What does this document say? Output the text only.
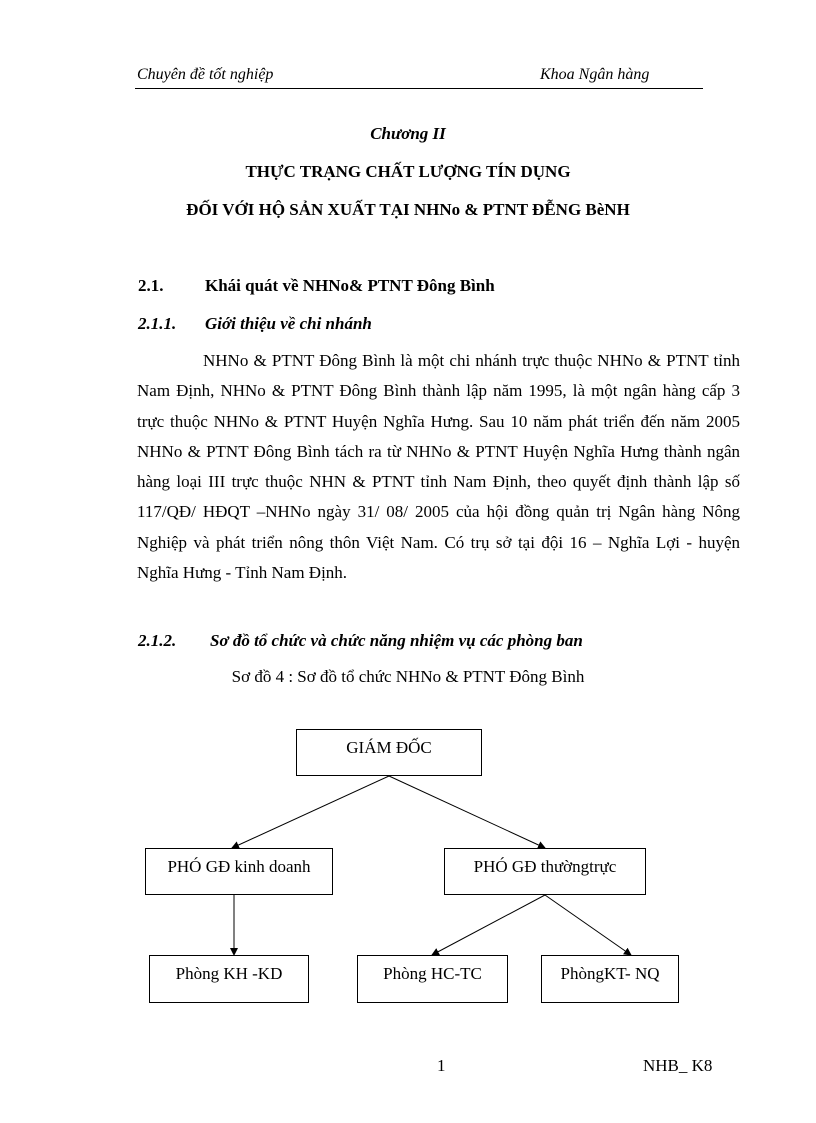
Chuyên đề tốt nghiệp	Khoa Ngân hàng
Chương II
THỰC TRẠNG CHẤT LƯỢNG TÍN DỤNG
ĐỐI VỚI HỘ SẢN XUẤT TẠI NHNo & PTNT ĐỄNG BèNH
2.1. Khái quát về NHNo& PTNT Đông Bình
2.1.1. Giới thiệu về chi nhánh
NHNo & PTNT Đông Bình là một chi nhánh trực thuộc NHNo & PTNT tỉnh Nam Định, NHNo & PTNT Đông Bình thành lập năm 1995, là một ngân hàng cấp 3 trực thuộc NHNo & PTNT Huyện Nghĩa Hưng. Sau 10 năm phát triển đến năm 2005 NHNo & PTNT Đông Bình tách ra từ NHNo & PTNT Huyện Nghĩa Hưng thành ngân hàng loại III trực thuộc NHN & PTNT tỉnh Nam Định, theo quyết định thành lập số 117/QĐ/ HĐQT –NHNo ngày 31/ 08/ 2005 của hội đồng quản trị Ngân hàng Nông Nghiệp và phát triển nông thôn Việt Nam. Có trụ sở tại đội 16 – Nghĩa Lợi - huyện Nghĩa Hưng - Tỉnh Nam Định.
2.1.2. Sơ đồ tổ chức và chức năng nhiệm vụ các phòng ban
Sơ đồ 4 : Sơ đồ tổ chức NHNo & PTNT Đông Bình
GIÁM ĐỐC
PHÓ GĐ kinh doanh	PHÓ GĐ thườngtrực
Phòng KH -KD	Phòng HC-TC	PhòngKT- NQ
1	NHB_ K8
